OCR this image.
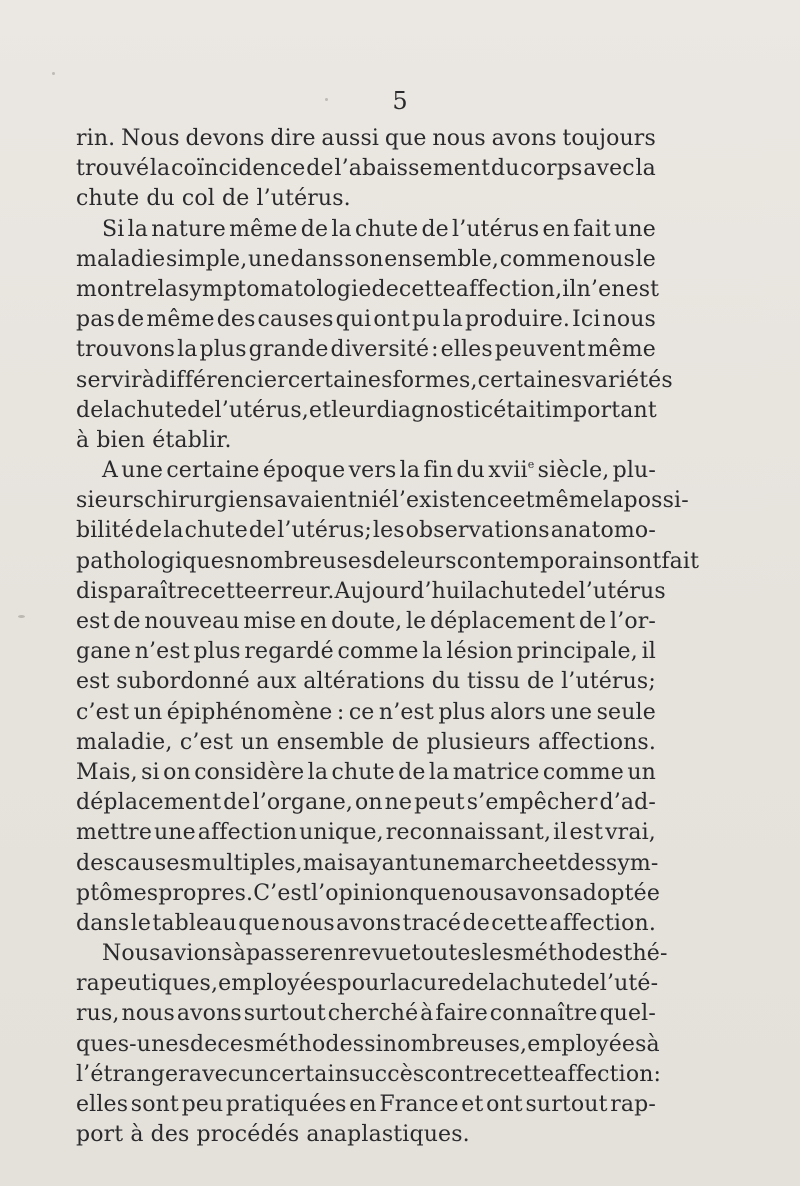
5
rin. Nous devons dire aussi que nous avons toujours
trouvé la coïncidence de l’abaissement du corps avec la
chute du col de l’utérus.
Si la nature même de la chute de l’utérus en fait une
maladie simple, une dans son ensemble, comme nous le
montre la symptomatologie de cette affection, il n’en est
pas de même des causes qui ont pu la produire. Ici nous
trouvons la plus grande diversité : elles peuvent même
servir à différencier certaines formes, certaines variétés
de la chute de l’utérus, et leur diagnostic était important
à bien établir.
A une certaine époque vers la fin du xvii$^e$ siècle, plu-
sieurs chirurgiens avaient nié l’existence et même la possi-
bilité de la chute de l’utérus; les observations anatomo-
pathologiques nombreuses de leurs contemporains ont fait
disparaître cette erreur. Aujourd’hui la chute de l’utérus
est de nouveau mise en doute, le déplacement de l’or-
gane n’est plus regardé comme la lésion principale, il
est subordonné aux altérations du tissu de l’utérus;
c’est un épiphénomène : ce n’est plus alors une seule
maladie, c’est un ensemble de plusieurs affections.
Mais, si on considère la chute de la matrice comme un
déplacement de l’organe, on ne peut s’empêcher d’ad-
mettre une affection unique, reconnaissant, il est vrai,
des causes multiples, mais ayant une marche et des sym-
ptômes propres. C’est l’opinion que nous avons adoptée
dans le tableau que nous avons tracé de cette affection.
Nous avions à passer en revue toutes les méthodes thé-
rapeutiques, employées pour la cure de la chute de l’uté-
rus, nous avons surtout cherché à faire connaître quel-
ques-unes de ces méthodes si nombreuses, employées à
l’étranger avec un certain succès contre cette affection :
elles sont peu pratiquées en France et ont surtout rap-
port à des procédés anaplastiques.
